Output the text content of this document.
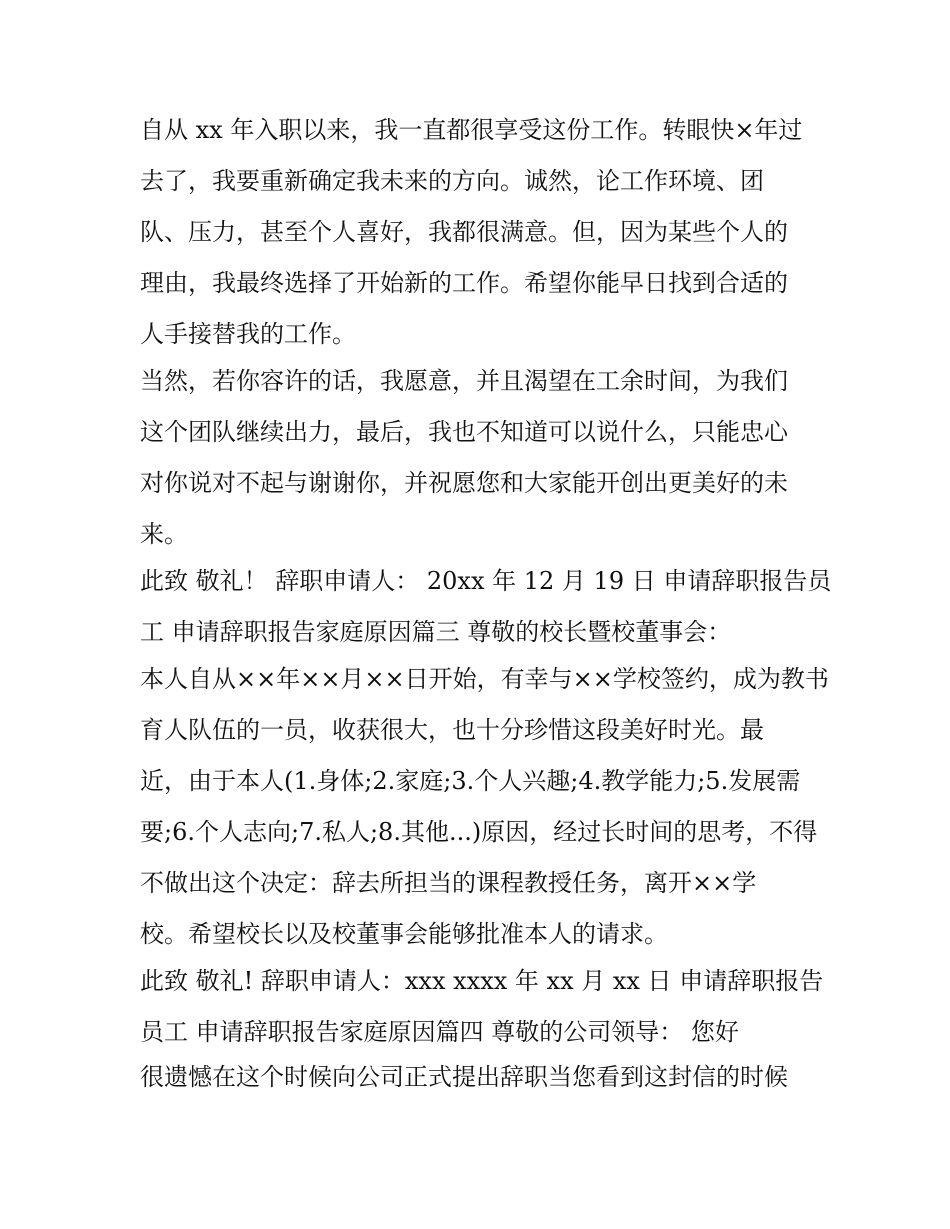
自从 xx 年入职以来，我一直都很享受这份工作。转眼快×年过
去了，我要重新确定我未来的方向。诚然，论工作环境、团
队、压力，甚至个人喜好，我都很满意。但，因为某些个人的
理由，我最终选择了开始新的工作。希望你能早日找到合适的
人手接替我的工作。
当然，若你容许的话，我愿意，并且渴望在工余时间，为我们
这个团队继续出力，最后，我也不知道可以说什么，只能忠心
对你说对不起与谢谢你，并祝愿您和大家能开创出更美好的未
来。
此致 敬礼！ 辞职申请人： 20xx 年 12 月 19 日 申请辞职报告员
工 申请辞职报告家庭原因篇三 尊敬的校长暨校董事会：
本人自从××年××月××日开始，有幸与××学校签约，成为教书
育人队伍的一员，收获很大，也十分珍惜这段美好时光。最
近，由于本人(1.身体;2.家庭;3.个人兴趣;4.教学能力;5.发展需
要;6.个人志向;7.私人;8.其他...)原因，经过长时间的思考，不得
不做出这个决定：辞去所担当的课程教授任务，离开××学
校。希望校长以及校董事会能够批准本人的请求。
此致 敬礼! 辞职申请人：xxx xxxx 年 xx 月 xx 日 申请辞职报告
员工 申请辞职报告家庭原因篇四 尊敬的公司领导： 您好
很遗憾在这个时候向公司正式提出辞职当您看到这封信的时候
